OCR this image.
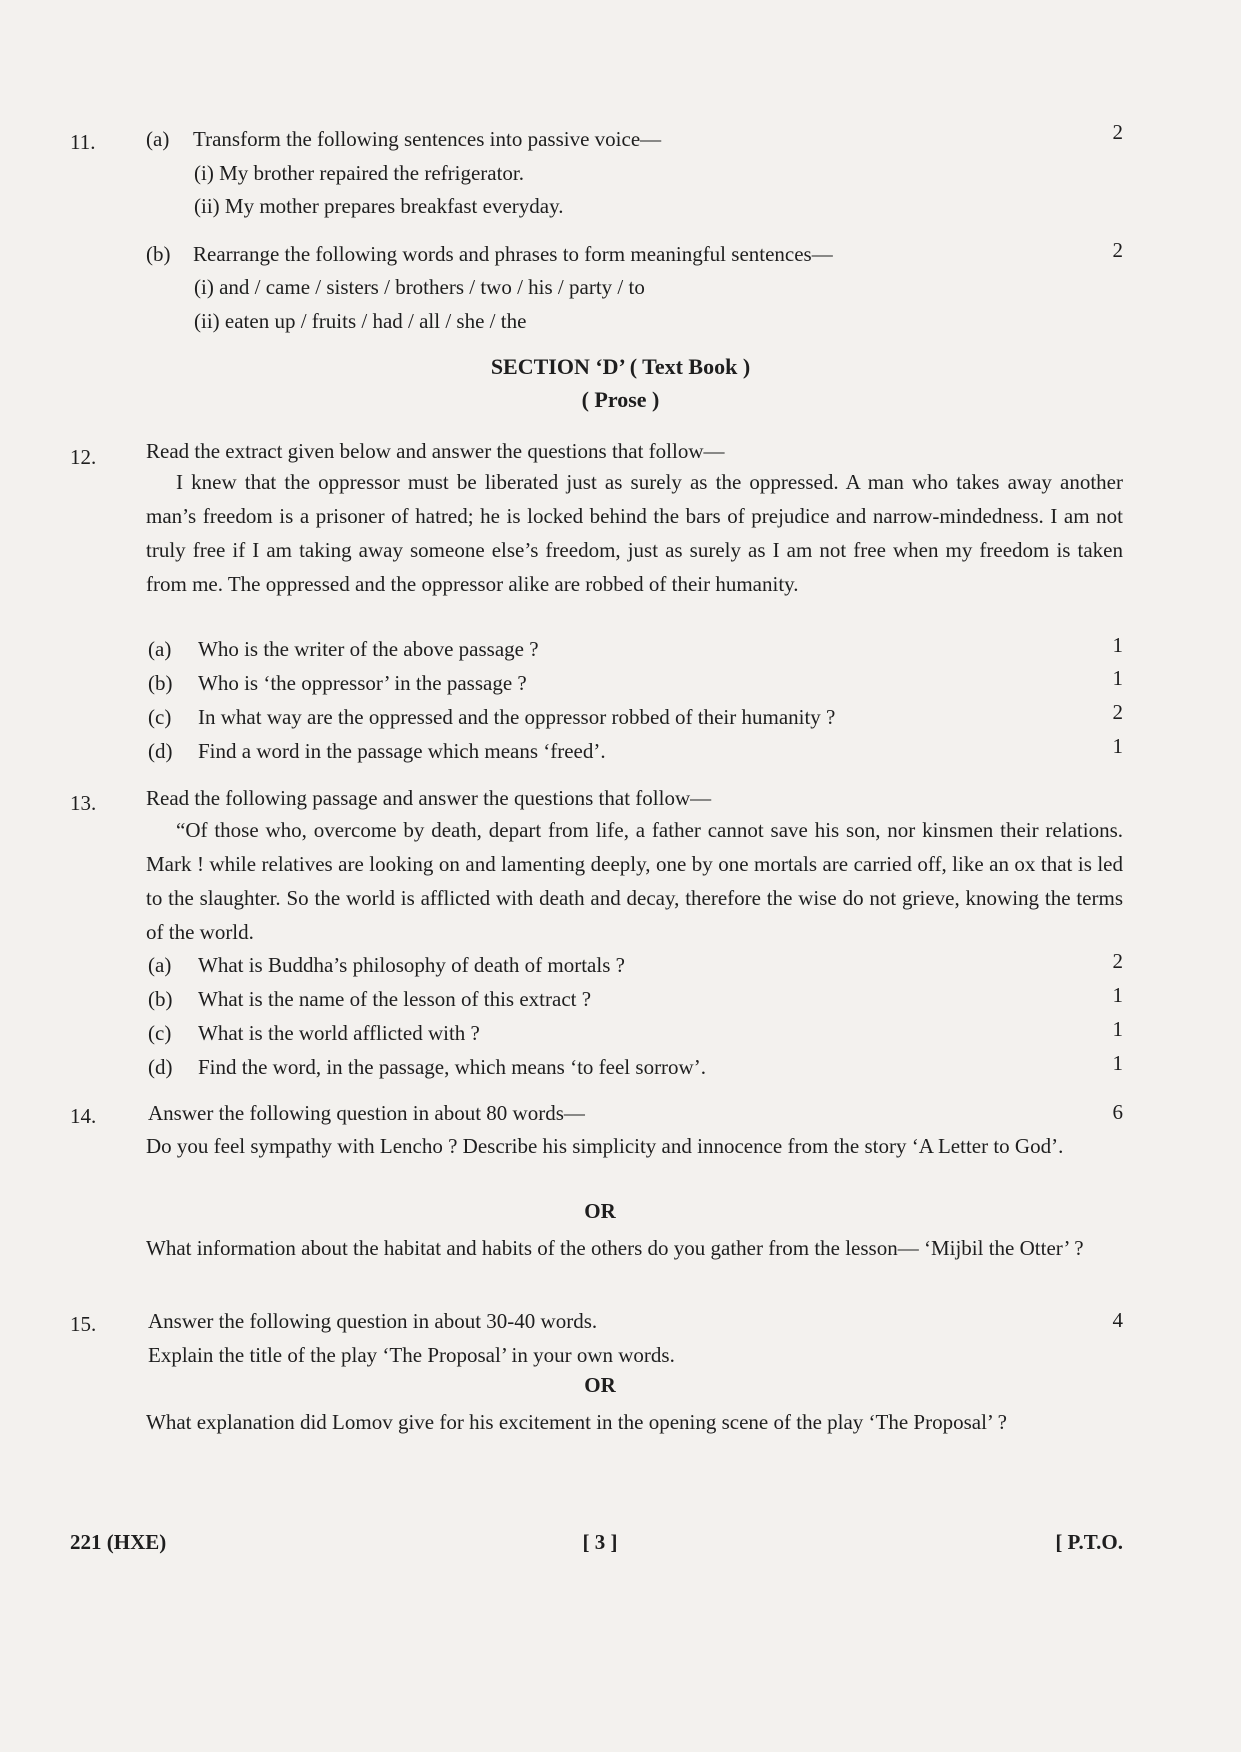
11. (a) Transform the following sentences into passive voice—	2
(i) My brother repaired the refrigerator.
(ii) My mother prepares breakfast everyday.
(b) Rearrange the following words and phrases to form meaningful sentences—	2
(i) and / came / sisters / brothers / two / his / party / to
(ii) eaten up / fruits / had / all / she / the
SECTION ‘D’ ( Text Book )
( Prose )
12. Read the extract given below and answer the questions that follow—
I knew that the oppressor must be liberated just as surely as the oppressed. A man who takes away another man’s freedom is a prisoner of hatred; he is locked behind the bars of prejudice and narrow-mindedness. I am not truly free if I am taking away someone else’s freedom, just as surely as I am not free when my freedom is taken from me. The oppressed and the oppressor alike are robbed of their humanity.
(a) Who is the writer of the above passage ?	1
(b) Who is ‘the oppressor’ in the passage ?	1
(c) In what way are the oppressed and the oppressor robbed of their humanity ?	2
(d) Find a word in the passage which means ‘freed’.	1
13. Read the following passage and answer the questions that follow—
“Of those who, overcome by death, depart from life, a father cannot save his son, nor kinsmen their relations. Mark ! while relatives are looking on and lamenting deeply, one by one mortals are carried off, like an ox that is led to the slaughter. So the world is afflicted with death and decay, therefore the wise do not grieve, knowing the terms of the world.
(a) What is Buddha’s philosophy of death of mortals ?	2
(b) What is the name of the lesson of this extract ?	1
(c) What is the world afflicted with ?	1
(d) Find the word, in the passage, which means ‘to feel sorrow’.	1
14. Answer the following question in about 80 words—	6
Do you feel sympathy with Lencho ? Describe his simplicity and innocence from the story ‘A Letter to God’.
OR
What information about the habitat and habits of the others do you gather from the lesson— ‘Mijbil the Otter’ ?
15. Answer the following question in about 30-40 words.	4
Explain the title of the play ‘The Proposal’ in your own words.
OR
What explanation did Lomov give for his excitement in the opening scene of the play ‘The Proposal’ ?
221 (HXE)	[ 3 ]	[ P.T.O.
